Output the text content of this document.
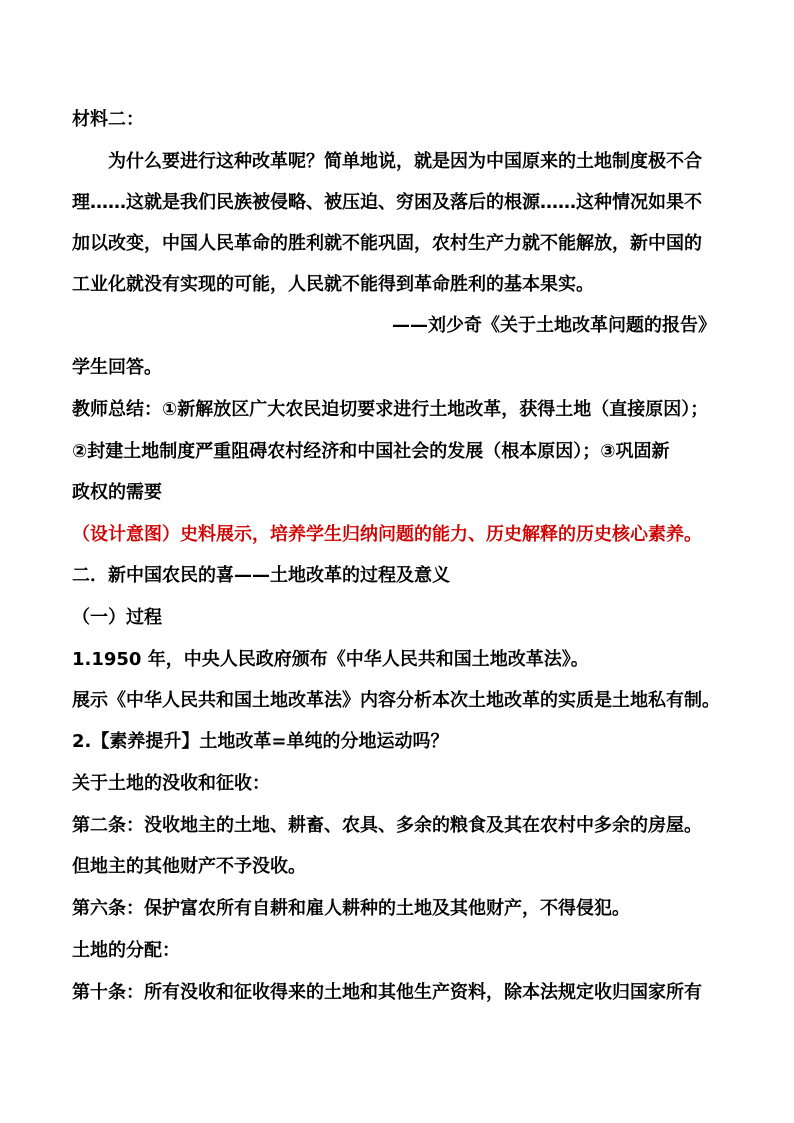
材料二：
为什么要进行这种改革呢？简单地说，就是因为中国原来的土地制度极不合
理……这就是我们民族被侵略、被压迫、穷困及落后的根源……这种情况如果不
加以改变，中国人民革命的胜利就不能巩固，农村生产力就不能解放，新中国的
工业化就没有实现的可能，人民就不能得到革命胜利的基本果实。
——刘少奇《关于土地改革问题的报告》
学生回答。
教师总结：①新解放区广大农民迫切要求进行土地改革，获得土地（直接原因）；
②封建土地制度严重阻碍农村经济和中国社会的发展（根本原因）；③巩固新
政权的需要
（设计意图）史料展示，培养学生归纳问题的能力、历史解释的历史核心素养。
二．新中国农民的喜——土地改革的过程及意义
（一）过程
1.1950 年，中央人民政府颁布《中华人民共和国土地改革法》。
展示《中华人民共和国土地改革法》内容分析本次土地改革的实质是土地私有制。
2.【素养提升】土地改革=单纯的分地运动吗？
关于土地的没收和征收：
第二条：没收地主的土地、耕畜、农具、多余的粮食及其在农村中多余的房屋。
但地主的其他财产不予没收。
第六条：保护富农所有自耕和雇人耕种的土地及其他财产，不得侵犯。
土地的分配：
第十条：所有没收和征收得来的土地和其他生产资料，除本法规定收归国家所有
